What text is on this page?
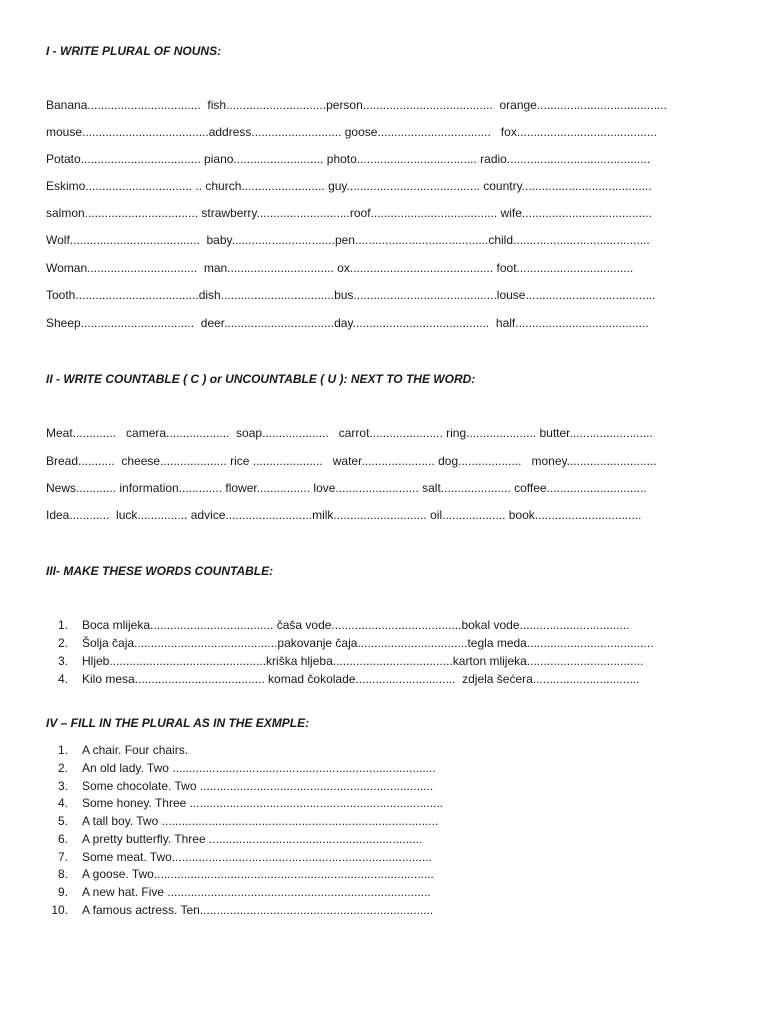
I - WRITE PLURAL OF NOUNS:
Banana..................................  fish..............................person.......................................  orange.......................................
mouse......................................address........................... goose..................................   fox..........................................
Potato.................................... piano........................... photo.................................... radio...........................................
Eskimo................................ .. church......................... guy........................................ country.......................................
salmon.................................. strawberry............................roof...................................... wife.......................................
Wolf.......................................  baby...............................pen........................................child.........................................
Woman.................................  man................................ ox........................................... foot...................................
Tooth.....................................dish..................................bus...........................................louse.......................................
Sheep..................................  deer.................................day.........................................  half........................................
II - WRITE COUNTABLE ( C ) or UNCOUNTABLE ( U ): NEXT TO THE WORD:
Meat.............   camera...................  soap....................   carrot...................... ring..................... butter.........................
Bread...........  cheese.................... rice .....................   water...................... dog...................   money...........................
News............ information............. flower................ love......................... salt..................... coffee..............................
Idea............  luck............... advice..........................milk............................ oil................... book................................
III- MAKE THESE WORDS COUNTABLE:
1. Boca mlijeka..................................... čaša vode.......................................bokal vode.................................
2. Šolja čaja...........................................pakovanje čaja.................................tegla meda......................................
3. Hljeb...............................................kriška hljeba....................................karton mlijeka...................................
4. Kilo mesa....................................... komad čokolade..............................  zdjela šećera................................
IV – FILL IN THE PLURAL AS IN THE EXMPLE:
1. A chair. Four chairs.
2. An old lady. Two ...............................................................................
3. Some chocolate. Two ......................................................................
4. Some honey. Three ............................................................................
5. A tall boy. Two ...................................................................................
6. A pretty butterfly. Three ................................................................
7. Some meat. Two..............................................................................
8. A goose. Two....................................................................................
9. A new hat. Five ...............................................................................
10. A famous actress. Ten......................................................................
